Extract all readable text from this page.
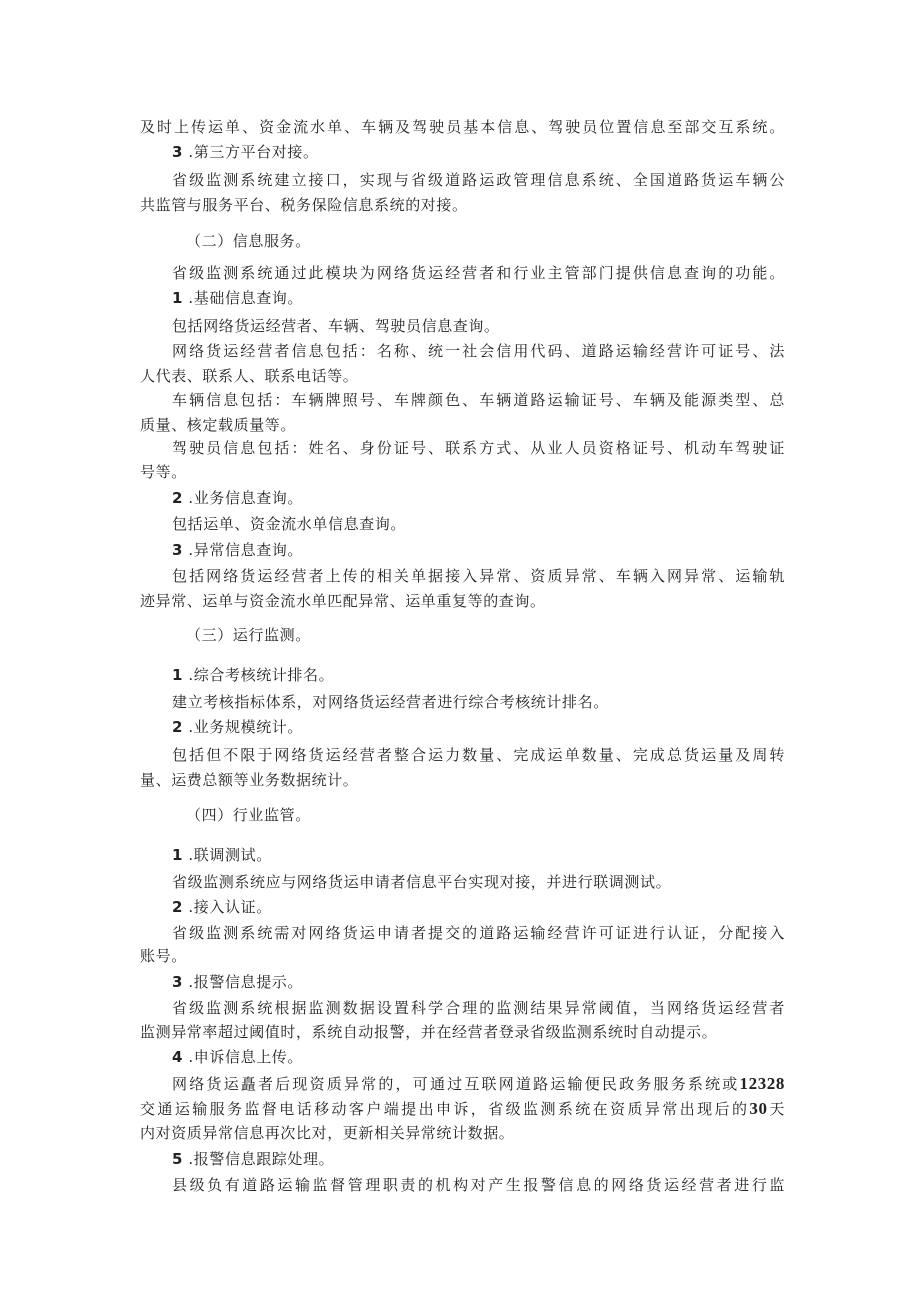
及时上传运单、资金流水单、车辆及驾驶员基本信息、驾驶员位置信息至部交互系统。
3 .第三方平台对接。
省级监测系统建立接口，实现与省级道路运政管理信息系统、全国道路货运车辆公
共监管与服务平台、税务保险信息系统的对接。
（二）信息服务。
省级监测系统通过此模块为网络货运经营者和行业主管部门提供信息查询的功能。
1 .基础信息查询。
包括网络货运经营者、车辆、驾驶员信息查询。
网络货运经营者信息包括：名称、统一社会信用代码、道路运输经营许可证号、法
人代表、联系人、联系电话等。
车辆信息包括：车辆牌照号、车牌颜色、车辆道路运输证号、车辆及能源类型、总
质量、核定载质量等。
驾驶员信息包括：姓名、身份证号、联系方式、从业人员资格证号、机动车驾驶证
号等。
2 .业务信息查询。
包括运单、资金流水单信息查询。
3 .异常信息查询。
包括网络货运经营者上传的相关单据接入异常、资质异常、车辆入网异常、运输轨
迹异常、运单与资金流水单匹配异常、运单重复等的查询。
（三）运行监测。
1 .综合考核统计排名。
建立考核指标体系，对网络货运经营者进行综合考核统计排名。
2 .业务规模统计。
包括但不限于网络货运经营者整合运力数量、完成运单数量、完成总货运量及周转
量、运费总额等业务数据统计。
（四）行业监管。
1 .联调测试。
省级监测系统应与网络货运申请者信息平台实现对接，并进行联调测试。
2 .接入认证。
省级监测系统需对网络货运申请者提交的道路运输经营许可证进行认证，分配接入
账号。
3 .报警信息提示。
省级监测系统根据监测数据设置科学合理的监测结果异常阈值，当网络货运经营者
监测异常率超过阈值时，系统自动报警，并在经营者登录省级监测系统时自动提示。
4 .申诉信息上传。
网络货运矗者后现资质异常的，可通过互联网道路运输便民政务服务系统或12328
交通运输服务监督电话移动客户端提出申诉，省级监测系统在资质异常出现后的30天
内对资质异常信息再次比对，更新相关异常统计数据。
5 .报警信息跟踪处理。
县级负有道路运输监督管理职责的机构对产生报警信息的网络货运经营者进行监
